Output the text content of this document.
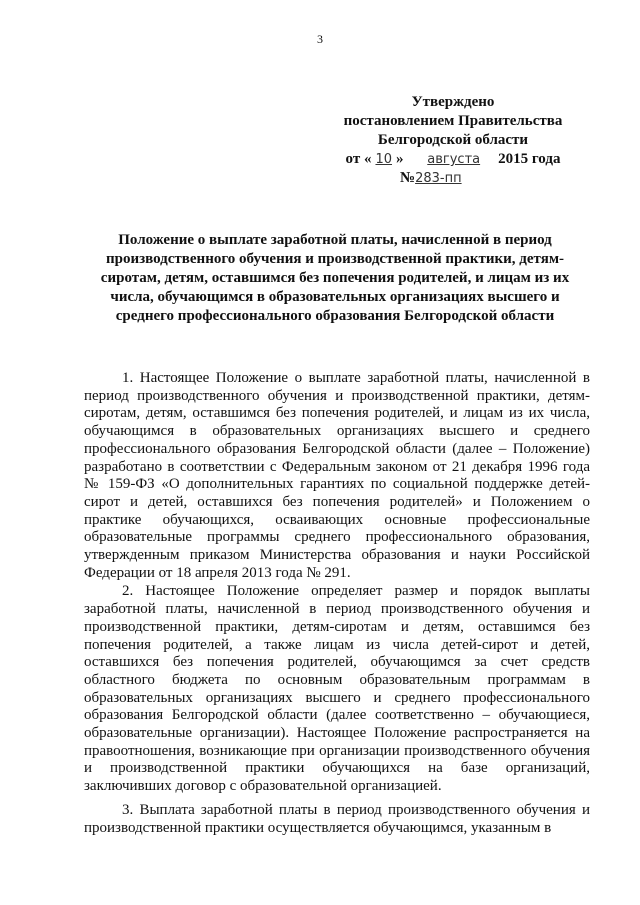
3
Утверждено
постановлением Правительства
Белгородской области
от « 10 » августа 2015 года
№283-пп
Положение о выплате заработной платы, начисленной в период производственного обучения и производственной практики, детям-сиротам, детям, оставшимся без попечения родителей, и лицам из их числа, обучающимся в образовательных организациях высшего и среднего профессионального образования Белгородской области

1. Настоящее Положение о выплате заработной платы, начисленной в период производственного обучения и производственной практики, детям-сиротам, детям, оставшимся без попечения родителей, и лицам из их числа, обучающимся в образовательных организациях высшего и среднего профессионального образования Белгородской области (далее – Положение) разработано в соответствии с Федеральным законом от 21 декабря 1996 года № 159-ФЗ «О дополнительных гарантиях по социальной поддержке детей-сирот и детей, оставшихся без попечения родителей» и Положением о практике обучающихся, осваивающих основные профессиональные образовательные программы среднего профессионального образования, утвержденным приказом Министерства образования и науки Российской Федерации от 18 апреля 2013 года № 291.

2. Настоящее Положение определяет размер и порядок выплаты заработной платы, начисленной в период производственного обучения и производственной практики, детям-сиротам и детям, оставшимся без попечения родителей, а также лицам из числа детей-сирот и детей, оставшихся без попечения родителей, обучающимся за счет средств областного бюджета по основным образовательным программам в образовательных организациях высшего и среднего профессионального образования Белгородской области (далее соответственно – обучающиеся, образовательные организации). Настоящее Положение распространяется на правоотношения, возникающие при организации производственного обучения и производственной практики обучающихся на базе организаций, заключивших договор с образовательной организацией.

3. Выплата заработной платы в период производственного обучения и производственной практики осуществляется обучающимся, указанным в
